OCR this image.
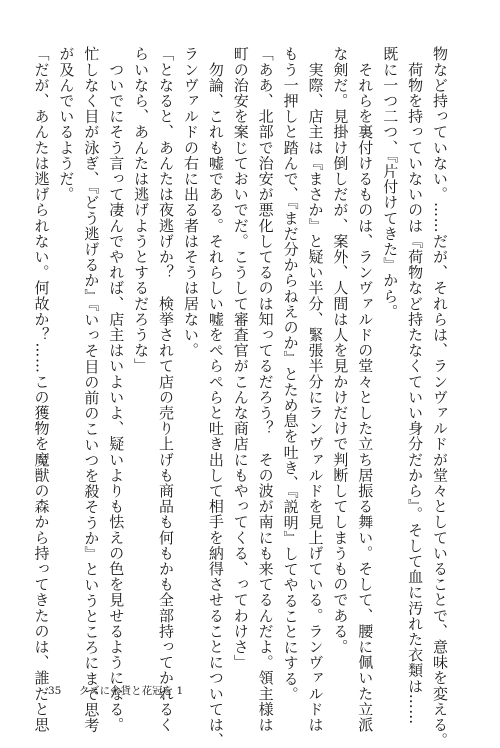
物など持っていない。……だが、それらは、ランヴァルドが堂々としていることで、意味を変える。
　荷物を持っていないのは『荷物など持たなくていい身分だから』。そして血に汚れた衣類は……
既に一つ二つ、『片付けてきた』から。
　それらを裏付けるものは、ランヴァルドの堂々とした立ち居振る舞い。そして、腰に佩いた立派
な剣だ。見掛け倒しだが、案外、人間は人を見かけだけで判断してしまうものである。
　実際、店主は『まさか』と疑い半分、緊張半分にランヴァルドを見上げている。ランヴァルドは
もう一押しと踏んで、『まだ分からねえのか』とため息を吐き、『説明』してやることにする。
「ああ、北部で治安が悪化してるのは知ってるだろう？　その波が南にも来てるんだよ。領主様は
町の治安を案じておいでだ。こうして審査官がこんな商店にもやってくる、ってわけさ」
　勿論、これも嘘である。それらしい嘘をぺらぺらと吐き出して相手を納得させることについては、
ランヴァルドの右に出る者はそうは居ない。
「となると、あんたは夜逃げか？　検挙されて店の売り上げも商品も何もかも全部持ってかれるく
らいなら、あんたは逃げようとするだろうな」
　ついでにそう言って凄んでやれば、店主はいよいよ、疑いよりも怯えの色を見せるようになる。
忙しなく目が泳ぎ、『どう逃げるか』『いっそ目の前のこいつを殺そうか』というところにまで思考
が及んでいるようだ。
「だが、あんたは逃げられない。何故か？……この獲物を魔獣の森から持ってきたのは、誰だと思
35 クズに金貨と花冠を 1
